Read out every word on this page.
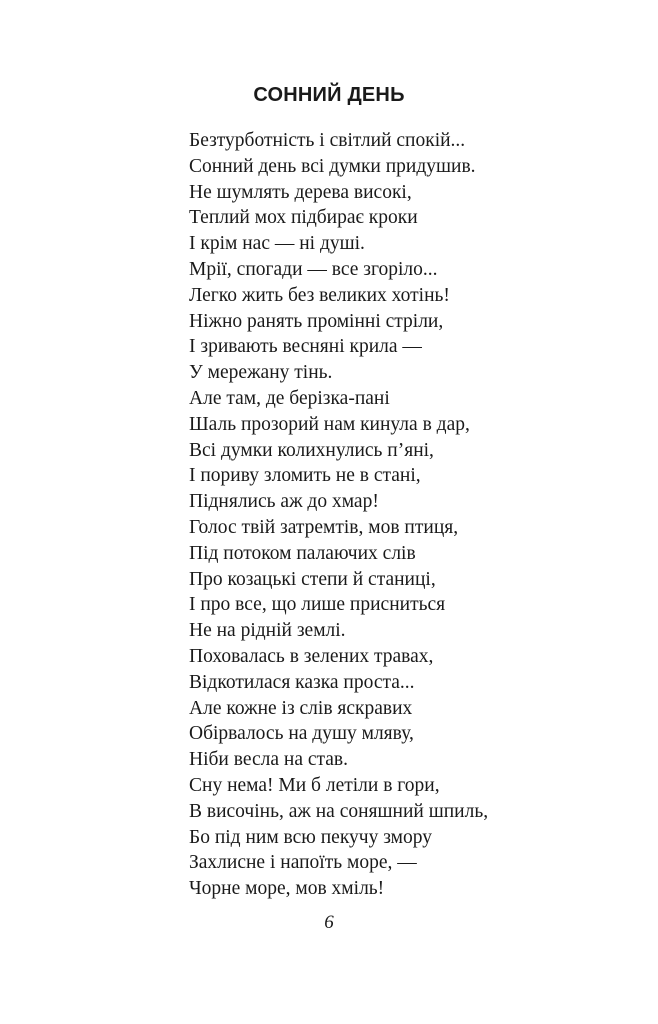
СОННИЙ ДЕНЬ
Безтурботність і світлий спокій...
Сонний день всі думки придушив.
Не шумлять дерева високі,
Теплий мох підбирає кроки
І крім нас — ні душі.
Мрії, спогади — все згоріло...
Легко жить без великих хотінь!
Ніжно ранять промінні стріли,
І зривають весняні крила —
У мережану тінь.
Але там, де берізка-пані
Шаль прозорий нам кинула в дар,
Всі думки колихнулись п’яні,
І пориву зломить не в стані,
Піднялись аж до хмар!
Голос твій затремтів, мов птиця,
Під потоком палаючих слів
Про козацькі степи й станиці,
І про все, що лише присниться
Не на рідній землі.
Поховалась в зелених травах,
Відкотилася казка проста...
Але кожне із слів яскравих
Обірвалось на душу мляву,
Ніби весла на став.
Сну нема! Ми б летіли в гори,
В височінь, аж на соняшний шпиль,
Бо під ним всю пекучу змору
Захлисне і напоїть море, —
Чорне море, мов хміль!
6
